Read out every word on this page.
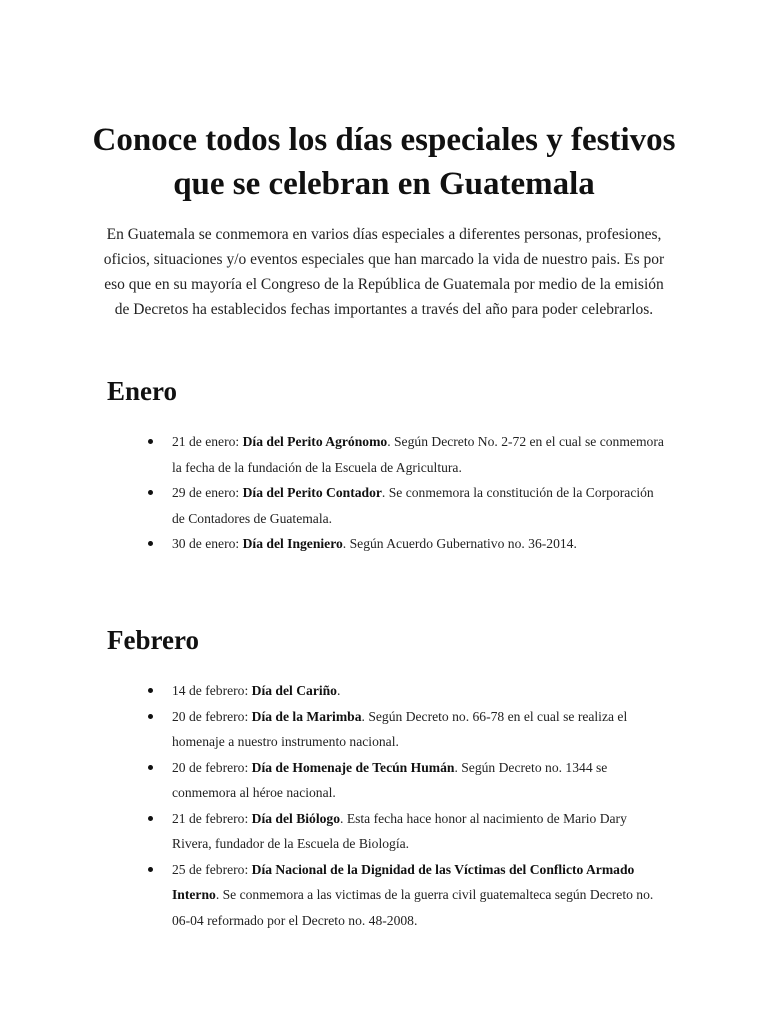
Conoce todos los días especiales y festivos que se celebran en Guatemala

En Guatemala se conmemora en varios días especiales a diferentes personas, profesiones, oficios, situaciones y/o eventos especiales que han marcado la vida de nuestro pais. Es por eso que en su mayoría el Congreso de la República de Guatemala por medio de la emisión de Decretos ha establecidos fechas importantes a través del año para poder celebrarlos.

Enero
21 de enero: Día del Perito Agrónomo. Según Decreto No. 2-72 en el cual se conmemora la fecha de la fundación de la Escuela de Agricultura.
29 de enero: Día del Perito Contador. Se conmemora la constitución de la Corporación de Contadores de Guatemala.
30 de enero: Día del Ingeniero. Según Acuerdo Gubernativo no. 36-2014.
Febrero
14 de febrero: Día del Cariño.
20 de febrero: Día de la Marimba. Según Decreto no. 66-78 en el cual se realiza el homenaje a nuestro instrumento nacional.
20 de febrero: Día de Homenaje de Tecún Humán. Según Decreto no. 1344 se conmemora al héroe nacional.
21 de febrero: Día del Biólogo. Esta fecha hace honor al nacimiento de Mario Dary Rivera, fundador de la Escuela de Biología.
25 de febrero: Día Nacional de la Dignidad de las Víctimas del Conflicto Armado Interno. Se conmemora a las victimas de la guerra civil guatemalteca según Decreto no. 06-04 reformado por el Decreto no. 48-2008.
